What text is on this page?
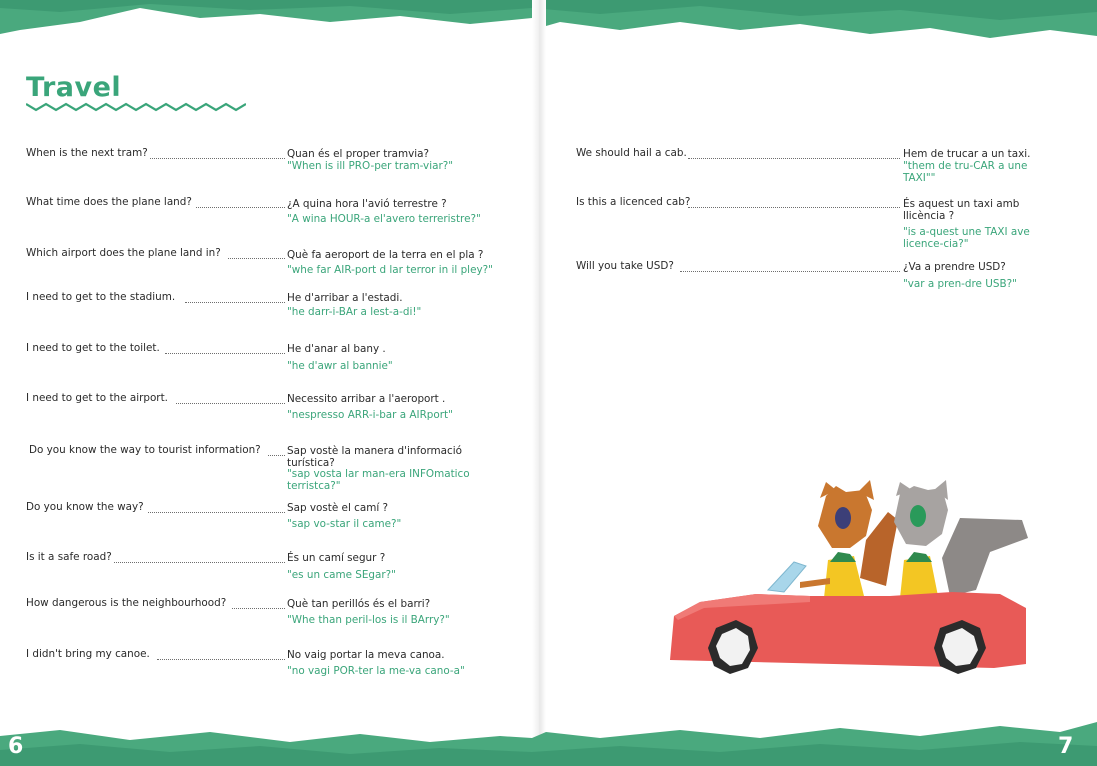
Travel
When is the next tram?	Quan és el proper tramvia?
"When is ill PRO-per tram-viar?"
What time does the plane land?	¿A quina hora l'avió terrestre ?
"A wina HOUR-a el'avero terreristre?"
Which airport does the plane land in?	Què fa aeroport de la terra en el pla ?
"whe far AIR-port d lar terror in il pley?"
I need to get to the stadium.	He d'arribar a l'estadi.
"he darr-i-BAr a lest-a-di!"
I need to get to the toilet.	He d'anar al bany .
"he d'awr al bannie"
I need to get to the airport.	Necessito arribar a l'aeroport .
"nespresso ARR-i-bar a AIRport"
Do you know the way to tourist information?	Sap vostè la manera d'informació turística?
"sap vosta lar man-era INFOmatico terristca?"
Do you know the way?	Sap vostè el camí ?
"sap vo-star il came?"
Is it a safe road?	És un camí segur ?
"es un came SEgar?"
How dangerous is the neighbourhood?	Què tan perillós és el barri?
"Whe than peril-los is il BArry?"
I didn't bring my canoe.	No vaig portar la meva canoa.
"no vagi POR-ter la me-va cano-a"
We should hail a cab.	Hem de trucar a un taxi.
"them de tru-CAR a une TAXI""
Is this a licenced cab?	És aquest un taxi amb llicència ?
"is a-quest une TAXI ave licence-cia?"
Will you take USD?	¿Va a prendre USD?
"var a pren-dre USB?"
6	7
